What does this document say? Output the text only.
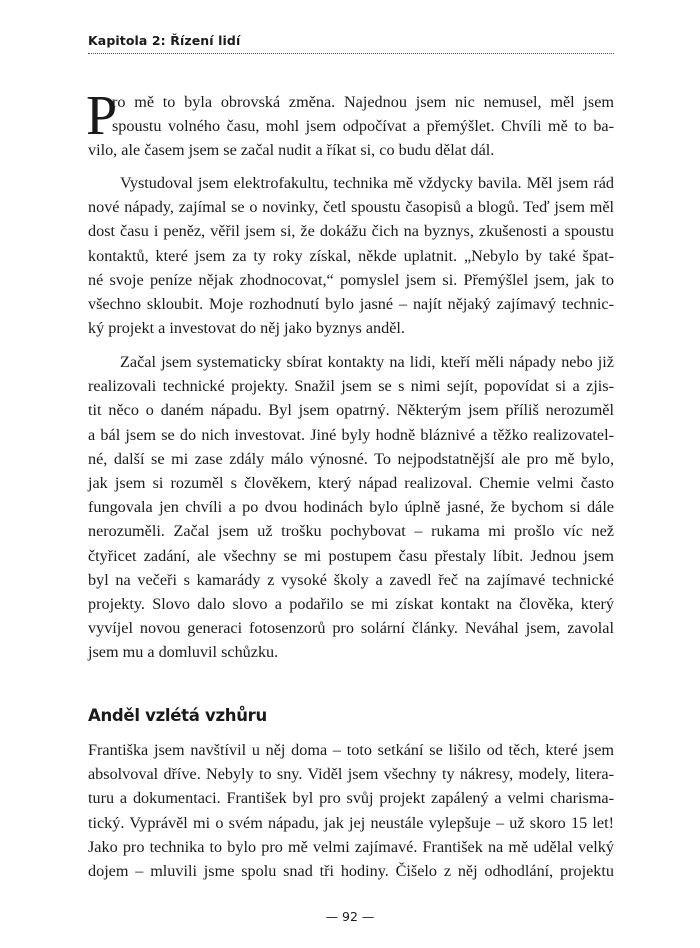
Kapitola 2: Řízení lidí
P
ro mě to byla obrovská změna. Najednou jsem nic nemusel, měl jsem
spoustu volného času, mohl jsem odpočívat a přemýšlet. Chvíli mě to ba-
vilo, ale časem jsem se začal nudit a říkat si, co budu dělat dál.
Vystudoval jsem elektrofakultu, technika mě vždycky bavila. Měl jsem rád
nové nápady, zajímal se o novinky, četl spoustu časopisů a blogů. Teď jsem měl
dost času i peněz, věřil jsem si, že dokážu čich na byznys, zkušenosti a spoustu
kontaktů, které jsem za ty roky získal, někde uplatnit. „Nebylo by také špat-
né svoje peníze nějak zhodnocovat,“ pomyslel jsem si. Přemýšlel jsem, jak to
všechno skloubit. Moje rozhodnutí bylo jasné – najít nějaký zajímavý technic-
ký projekt a investovat do něj jako byznys anděl.
Začal jsem systematicky sbírat kontakty na lidi, kteří měli nápady nebo již
realizovali technické projekty. Snažil jsem se s nimi sejít, popovídat si a zjis-
tit něco o daném nápadu. Byl jsem opatrný. Některým jsem příliš nerozuměl
a bál jsem se do nich investovat. Jiné byly hodně bláznivé a těžko realizovatel-
né, další se mi zase zdály málo výnosné. To nejpodstatnější ale pro mě bylo,
jak jsem si rozuměl s člověkem, který nápad realizoval. Chemie velmi často
fungovala jen chvíli a po dvou hodinách bylo úplně jasné, že bychom si dále
nerozuměli. Začal jsem už trošku pochybovat – rukama mi prošlo víc než
čtyřicet zadání, ale všechny se mi postupem času přestaly líbit. Jednou jsem
byl na večeři s kamarády z vysoké školy a zavedl řeč na zajímavé technické
projekty. Slovo dalo slovo a podařilo se mi získat kontakt na člověka, který
vyvíjel novou generaci fotosenzorů pro solární články. Neváhal jsem, zavolal
jsem mu a domluvil schůzku.
Anděl vzlétá vzhůru
Františka jsem navštívil u něj doma – toto setkání se lišilo od těch, které jsem
absolvoval dříve. Nebyly to sny. Viděl jsem všechny ty nákresy, modely, litera-
turu a dokumentaci. František byl pro svůj projekt zapálený a velmi charisma-
tický. Vyprávěl mi o svém nápadu, jak jej neustále vylepšuje – už skoro 15 let!
Jako pro technika to bylo pro mě velmi zajímavé. František na mě udělal velký
dojem – mluvili jsme spolu snad tři hodiny. Čišelo z něj odhodlání, projektu
— 92 —
